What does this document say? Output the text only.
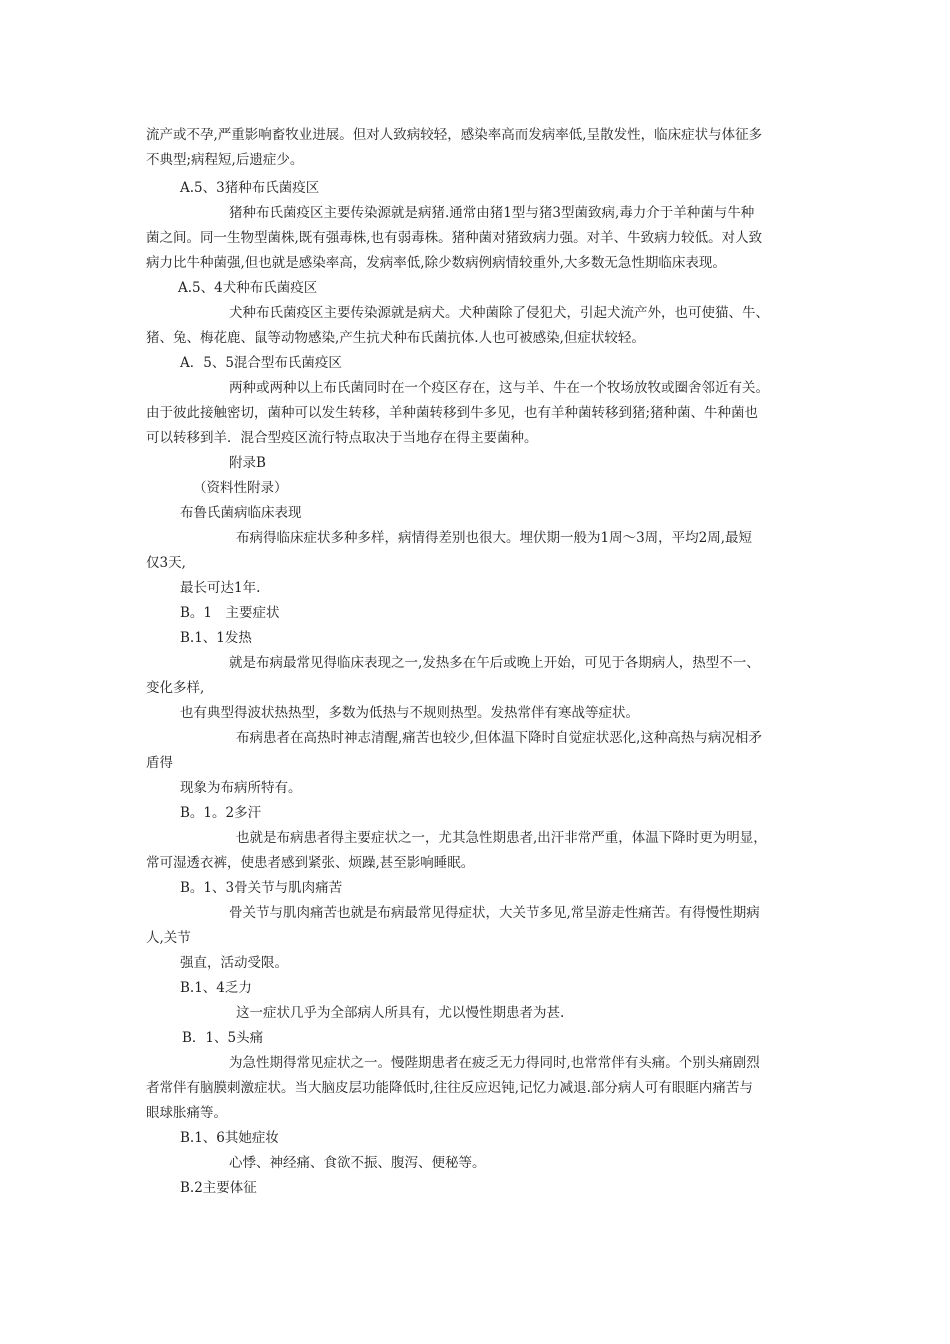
流产或不孕,严重影响畜牧业进展。但对人致病较轻，感染率高而发病率低,呈散发性，临床症状与体征多
不典型;病程短,后遗症少。
A.5、3猪种布氏菌疫区
猪种布氏菌疫区主要传染源就是病猪.通常由猪1型与猪3型菌致病,毒力介于羊种菌与牛种
菌之间。同一生物型菌株,既有强毒株,也有弱毒株。猪种菌对猪致病力强。对羊、牛致病力较低。对人致
病力比牛种菌强,但也就是感染率高，发病率低,除少数病例病情较重外,大多数无急性期临床表现。
A.5、4犬种布氏菌疫区
犬种布氏菌疫区主要传染源就是病犬。犬种菌除了侵犯犬，引起犬流产外，也可使猫、牛、
猪、兔、梅花鹿、鼠等动物感染,产生抗犬种布氏菌抗体.人也可被感染,但症状较轻。
A．5、5混合型布氏菌疫区
两种或两种以上布氏菌同时在一个疫区存在，这与羊、牛在一个牧场放牧或圈舍邻近有关。
由于彼此接触密切，菌种可以发生转移，羊种菌转移到牛多见，也有羊种菌转移到猪;猪种菌、牛种菌也
可以转移到羊．混合型疫区流行特点取决于当地存在得主要菌种。
附录B
（资料性附录）
布鲁氏菌病临床表现
布病得临床症状多种多样，病情得差别也很大。埋伏期一般为1周～3周，平均2周,最短
仅3天,
最长可达1年.
B。1　主要症状
B.1、1发热
就是布病最常见得临床表现之一,发热多在午后或晚上开始，可见于各期病人，热型不一、
变化多样,
也有典型得波状热热型，多数为低热与不规则热型。发热常伴有寒战等症状。
布病患者在高热时神志清醒,痛苦也较少,但体温下降时自觉症状恶化,这种高热与病况相矛
盾得
现象为布病所特有。
B。1。2多汗
也就是布病患者得主要症状之一，尤其急性期患者,出汗非常严重，体温下降时更为明显，
常可湿透衣裤，使患者感到紧张、烦躁,甚至影响睡眠。
B。1、3骨关节与肌肉痛苦
骨关节与肌肉痛苦也就是布病最常见得症状，大关节多见,常呈游走性痛苦。有得慢性期病
人,关节
强直，活动受限。
B.1、4乏力
这一症状几乎为全部病人所具有，尤以慢性期患者为甚.
B．1、5头痛
为急性期得常见症状之一。慢陛期患者在疲乏无力得同时,也常常伴有头痛。个别头痛剧烈
者常伴有脑膜刺激症状。当大脑皮层功能降低时,往往反应迟钝,记忆力减退.部分病人可有眼眶内痛苦与
眼球胀痛等。
B.1、6其她症妆
心悸、神经痛、食欲不振、腹泻、便秘等。
B.2主要体征
